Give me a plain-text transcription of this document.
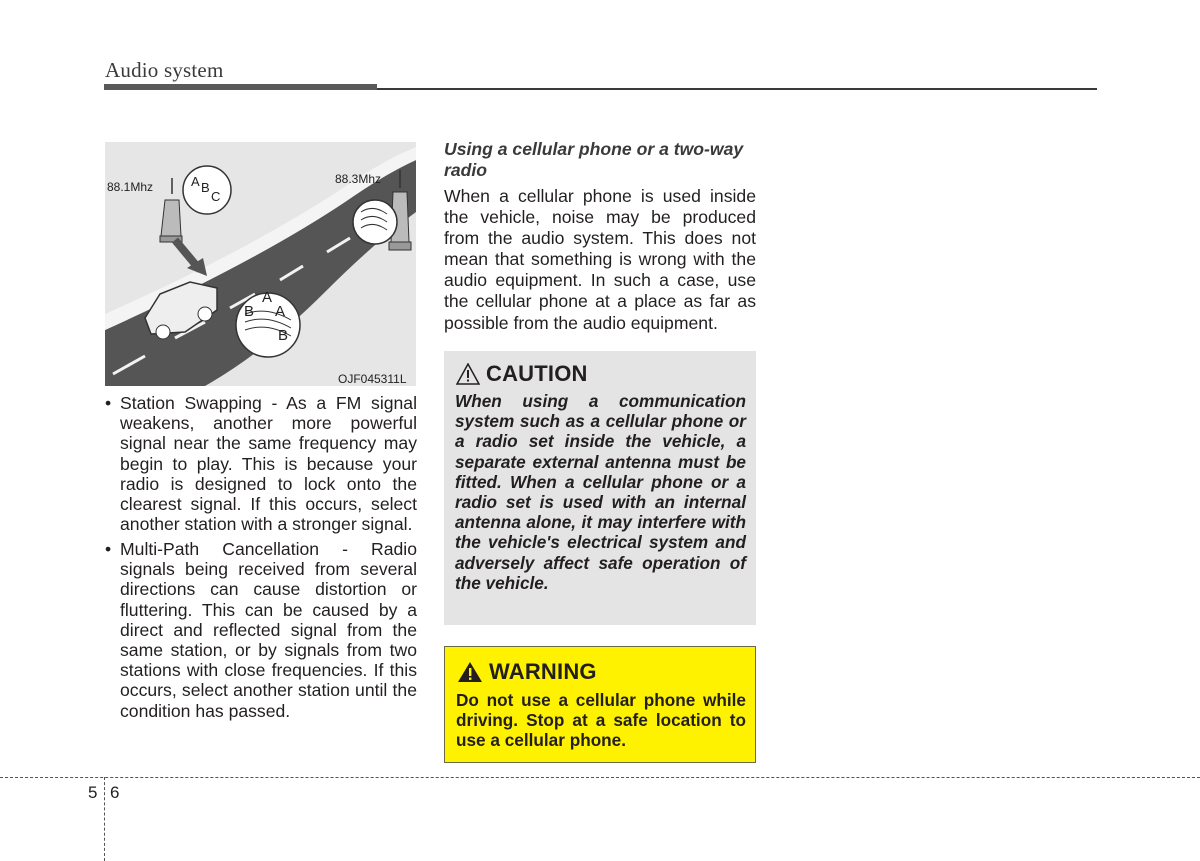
Audio system
88.1Mhz
88.3Mhz
A B
C
A
B A
B
OJF045311L
• Station Swapping - As a FM signal weakens, another more powerful signal near the same frequency may begin to play. This is because your radio is designed to lock onto the clearest signal. If this occurs, select another station with a stronger signal.
• Multi-Path Cancellation - Radio signals being received from several directions can cause distortion or fluttering. This can be caused by a direct and reflected signal from the same station, or by signals from two stations with close frequencies. If this occurs, select another station until the condition has passed.
Using a cellular phone or a two-way radio

When a cellular phone is used inside the vehicle, noise may be produced from the audio system. This does not mean that something is wrong with the audio equipment. In such a case, use the cellular phone at a place as far as possible from the audio equipment.

CAUTION

When using a communication system such as a cellular phone or a radio set inside the vehicle, a separate external antenna must be fitted. When a cellular phone or a radio set is used with an internal antenna alone, it may interfere with the vehicle's electrical system and adversely affect safe operation of the vehicle.

WARNING

Do not use a cellular phone while driving. Stop at a safe location to use a cellular phone.

5 6
